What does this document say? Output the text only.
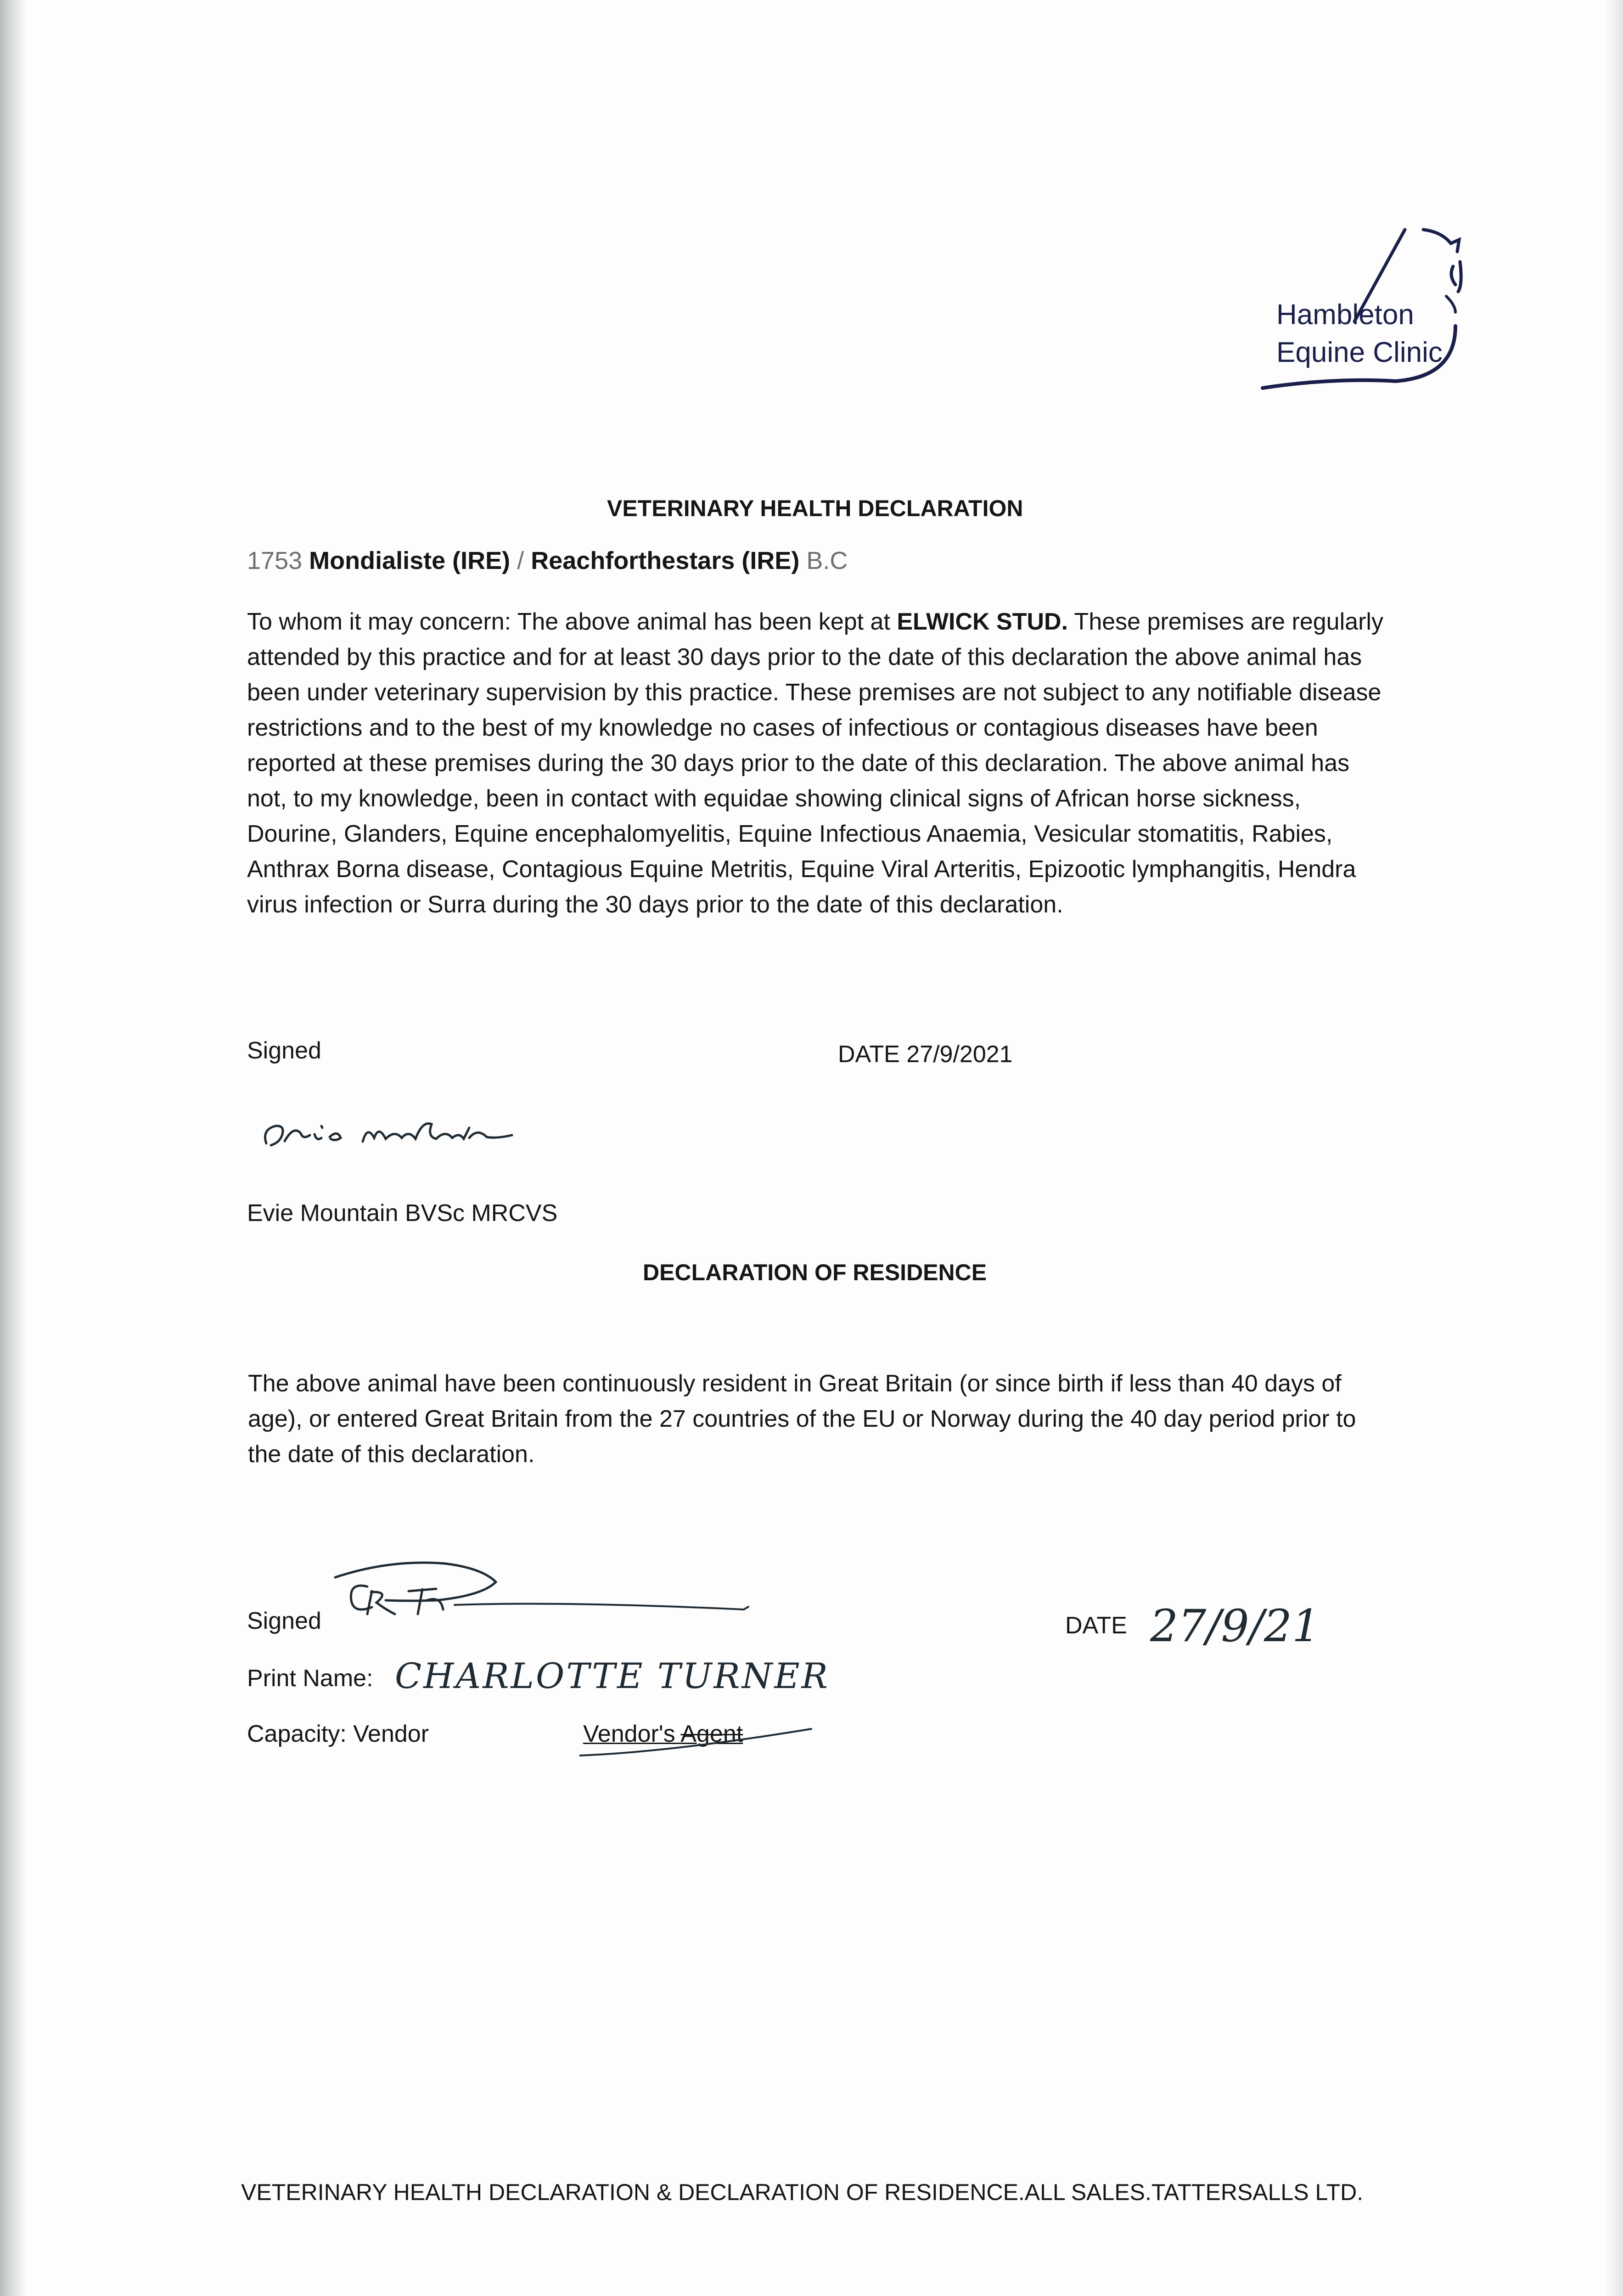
Hambleton
Equine Clinic
VETERINARY HEALTH DECLARATION
1753 Mondialiste (IRE) / Reachforthestars (IRE) B.C
To whom it may concern: The above animal has been kept at ELWICK STUD. These premises are regularly attended by this practice and for at least 30 days prior to the date of this declaration the above animal has been under veterinary supervision by this practice. These premises are not subject to any notifiable disease restrictions and to the best of my knowledge no cases of infectious or contagious diseases have been reported at these premises during the 30 days prior to the date of this declaration. The above animal has not, to my knowledge, been in contact with equidae showing clinical signs of African horse sickness, Dourine, Glanders, Equine encephalomyelitis, Equine Infectious Anaemia, Vesicular stomatitis, Rabies, Anthrax Borna disease, Contagious Equine Metritis, Equine Viral Arteritis, Epizootic lymphangitis, Hendra virus infection or Surra during the 30 days prior to the date of this declaration.
Signed	DATE 27/9/2021
Evie Mountain BVSc MRCVS
DECLARATION OF RESIDENCE
The above animal have been continuously resident in Great Britain (or since birth if less than 40 days of age), or entered Great Britain from the 27 countries of the EU or Norway during the 40 day period prior to the date of this declaration.
Signed	DATE 27/9/21
Print Name: CHARLOTTE TURNER
Capacity: Vendor	Vendor's Agent
VETERINARY HEALTH DECLARATION & DECLARATION OF RESIDENCE.ALL SALES.TATTERSALLS LTD.
